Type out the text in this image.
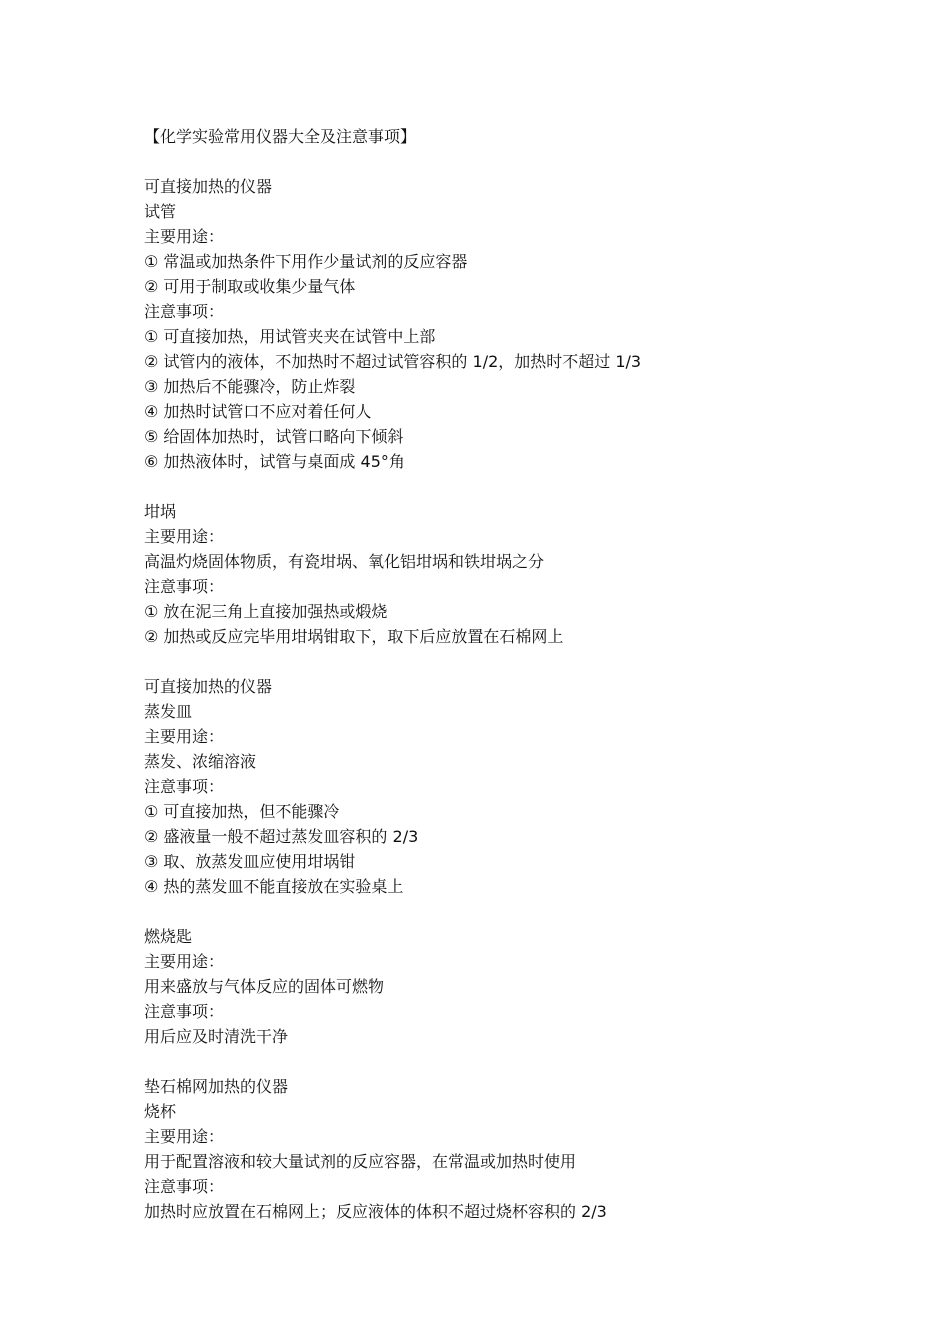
【化学实验常用仪器大全及注意事项】
可直接加热的仪器
试管
主要用途：
① 常温或加热条件下用作少量试剂的反应容器
② 可用于制取或收集少量气体
注意事项：
① 可直接加热，用试管夹夹在试管中上部
② 试管内的液体，不加热时不超过试管容积的 1/2，加热时不超过 1/3
③ 加热后不能骤冷，防止炸裂
④ 加热时试管口不应对着任何人
⑤ 给固体加热时，试管口略向下倾斜
⑥ 加热液体时，试管与桌面成 45°角
坩埚
主要用途：
高温灼烧固体物质，有瓷坩埚、氧化铝坩埚和铁坩埚之分
注意事项：
① 放在泥三角上直接加强热或煅烧
② 加热或反应完毕用坩埚钳取下，取下后应放置在石棉网上
可直接加热的仪器
蒸发皿
主要用途：
蒸发、浓缩溶液
注意事项：
① 可直接加热，但不能骤冷
② 盛液量一般不超过蒸发皿容积的 2/3
③ 取、放蒸发皿应使用坩埚钳
④ 热的蒸发皿不能直接放在实验桌上
燃烧匙
主要用途：
用来盛放与气体反应的固体可燃物
注意事项：
用后应及时清洗干净
垫石棉网加热的仪器
烧杯
主要用途：
用于配置溶液和较大量试剂的反应容器，在常温或加热时使用
注意事项：
加热时应放置在石棉网上；反应液体的体积不超过烧杯容积的 2/3
